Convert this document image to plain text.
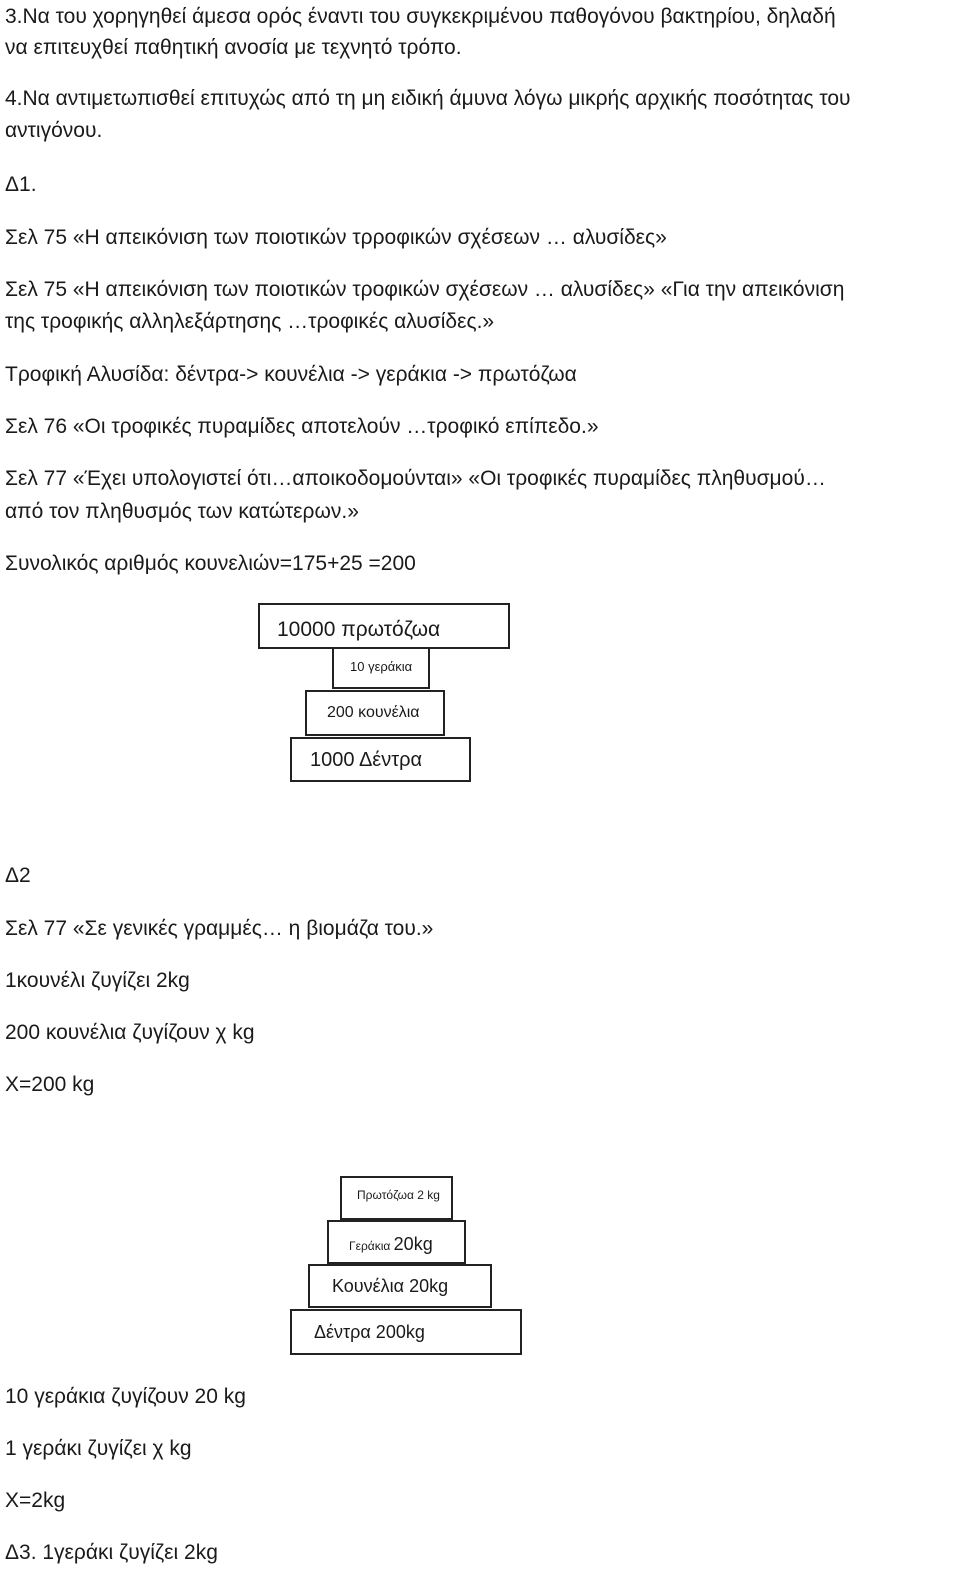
3.Να του χορηγηθεί άμεσα ορός έναντι του συγκεκριμένου παθογόνου βακτηρίου, δηλαδή

να επιτευχθεί παθητική ανοσία με τεχνητό τρόπο.

4.Να αντιμετωπισθεί επιτυχώς από τη μη ειδική άμυνα λόγω μικρής αρχικής ποσότητας του

αντιγόνου.

Δ1.

Σελ 75 «Η απεικόνιση των ποιοτικών τρροφικών σχέσεων … αλυσίδες»

Σελ 75 «Η απεικόνιση των ποιοτικών τροφικών σχέσεων … αλυσίδες» «Για την απεικόνιση

της τροφικής αλληλεξάρτησης …τροφικές αλυσίδες.»

Τροφική Αλυσίδα: δέντρα-> κουνέλια -> γεράκια -> πρωτόζωα

Σελ 76 «Οι τροφικές πυραμίδες αποτελούν …τροφικό επίπεδο.»

Σελ 77 «Έχει υπολογιστεί ότι…αποικοδομούνται» «Οι τροφικές πυραμίδες πληθυσμού…

από τον πληθυσμός των κατώτερων.»

Συνολικός αριθμός κουνελιών=175+25 =200

10000 πρωτόζωα
10 γεράκια
200 κουνέλια
1000 Δέντρα

Δ2

Σελ 77 «Σε γενικές γραμμές… η βιομάζα του.»

1κουνέλι ζυγίζει 2kg

200 κουνέλια ζυγίζουν χ kg

Χ=200 kg

Πρωτόζωα 2 kg
Γεράκια 20kg
Κουνέλια 20kg
Δέντρα 200kg

10 γεράκια ζυγίζουν 20 kg

1 γεράκι ζυγίζει χ kg

Χ=2kg

Δ3. 1γεράκι ζυγίζει 2kg
